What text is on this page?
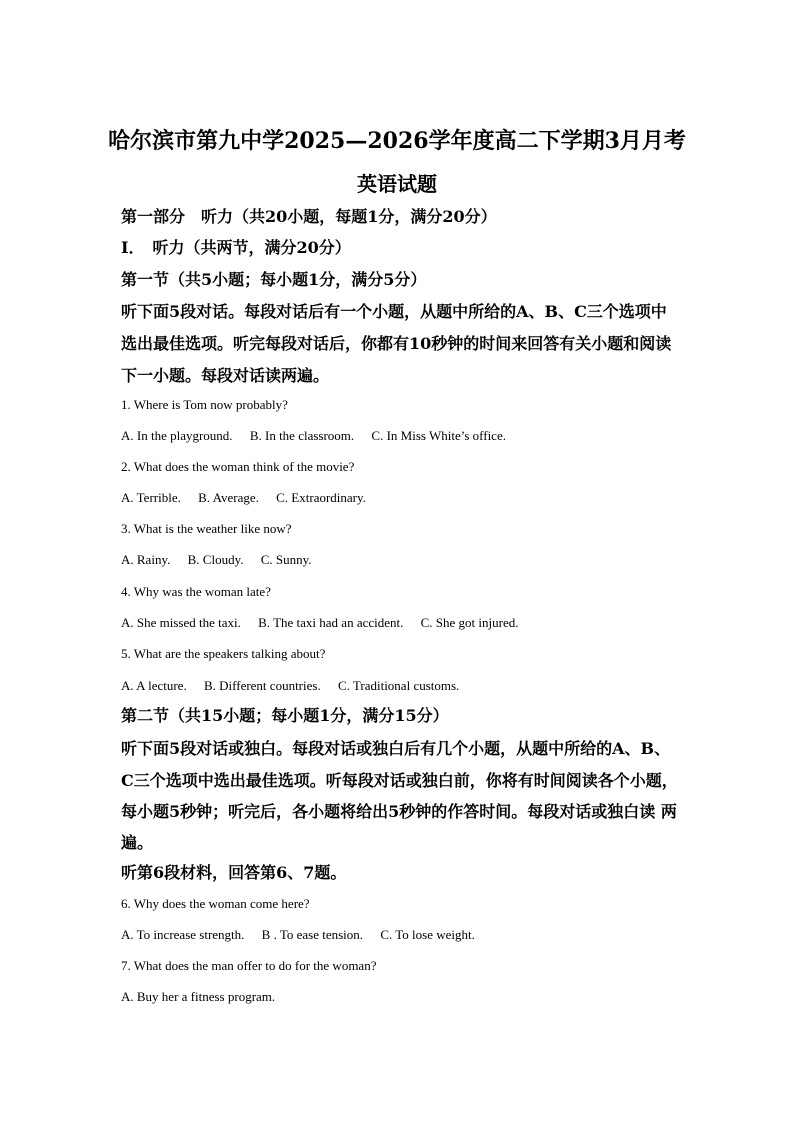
哈尔滨市第九中学2025—2026学年度高二下学期3月月考
英语试题
第一部分　听力（共20小题，每题1分，满分20分）
Ⅰ．　听力（共两节，满分20分）
第一节（共5小题；每小题1分，满分5分）
听下面5段对话。每段对话后有一个小题，从题中所给的A、B、C三个选项中
选出最佳选项。听完每段对话后，你都有10秒钟的时间来回答有关小题和阅读
下一小题。每段对话读两遍。
1. Where is Tom now probably?
A. In the playground. B. In the classroom. C. In Miss White’s office.
2. What does the woman think of the movie?
A. Terrible. B. Average. C. Extraordinary.
3. What is the weather like now?
A. Rainy. B. Cloudy. C. Sunny.
4. Why was the woman late?
A. She missed the taxi. B. The taxi had an accident. C. She got injured.
5. What are the speakers talking about?
A. A lecture. B. Different countries. C. Traditional customs.
第二节（共15小题；每小题1分，满分15分）
听下面5段对话或独白。每段对话或独白后有几个小题，从题中所给的A、B、
C三个选项中选出最佳选项。听每段对话或独白前，你将有时间阅读各个小题，
每小题5秒钟；听完后，各小题将给出5秒钟的作答时间。每段对话或独白读 两
遍。
听第6段材料，回答第6、7题。
6. Why does the woman come here?
A. To increase strength. B . To ease tension. C. To lose weight.
7. What does the man offer to do for the woman?
A. Buy her a fitness program.
